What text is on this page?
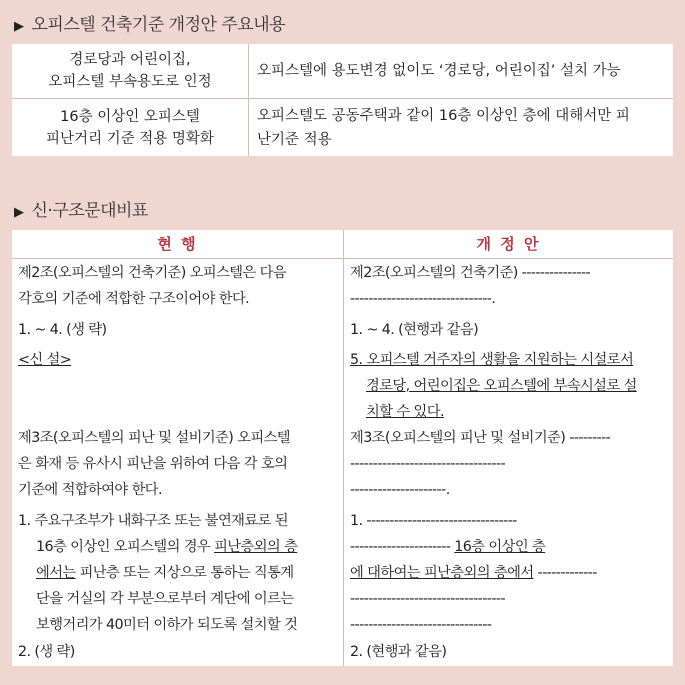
▶ 오피스텔 건축기준 개정안 주요내용
경로당과 어린이집,
오피스텔 부속용도로 인정
오피스텔에 용도변경 없이도 ‘경로당, 어린이집’ 설치 가능
16층 이상인 오피스텔
피난거리 기준 적용 명확화
오피스텔도 공동주택과 같이 16층 이상인 층에 대해서만 피
난기준 적용
▶ 신·구조문대비표
현 행
제2조(오피스텔의 건축기준) 오피스텔은 다음
각호의 기준에 적합한 구조이어야 한다.
1. ~ 4. (생 략)
<신 설>
제3조(오피스텔의 피난 및 설비기준) 오피스텔
은 화재 등 유사시 피난을 위하여 다음 각 호의
기준에 적합하여야 한다.
1. 주요구조부가 내화구조 또는 불연재료로 된
16층 이상인 오피스텔의 경우 피난층외의 층
에서는 피난층 또는 지상으로 통하는 직통계
단을 거실의 각 부분으로부터 계단에 이르는
보행거리가 40미터 이하가 되도록 설치할 것
2. (생 략)
개 정 안
제2조(오피스텔의 건축기준) ---------------
-------------------------------.
1. ~ 4. (현행과 같음)
5. 오피스텔 거주자의 생활을 지원하는 시설로서
경로당, 어린이집은 오피스텔에 부속시설로 설
치할 수 있다.
제3조(오피스텔의 피난 및 설비기준) ---------
----------------------------------
---------------------.
1. ---------------------------------
---------------------- 16층 이상인 층
에 대하여는 피난층외의 층에서 -------------
----------------------------------
-------------------------------
2. (현행과 같음)
